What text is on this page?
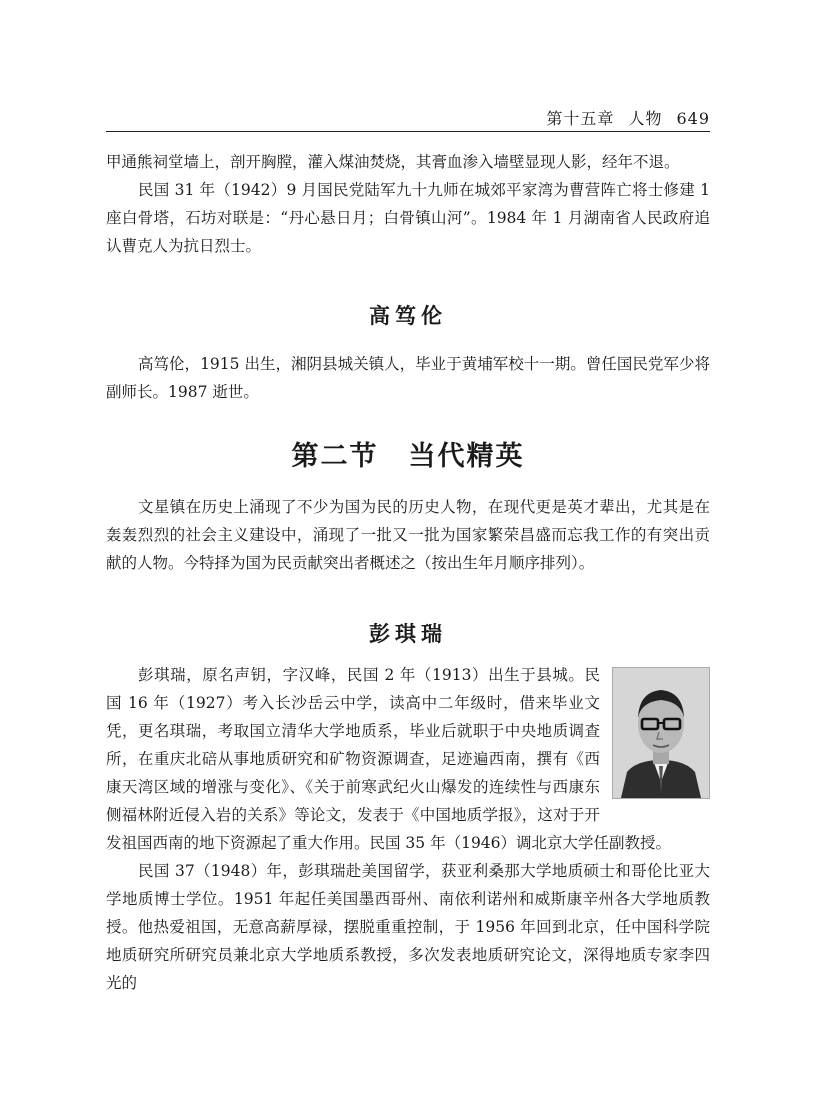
第十五章 人物 649

甲通熊祠堂墙上，剖开胸膛，灌入煤油焚烧，其膏血渗入墙壁显现人影，经年不退。

民国 31 年（1942）9 月国民党陆军九十九师在城郊平家湾为曹营阵亡将士修建 1 座白骨塔，石坊对联是：“丹心悬日月；白骨镇山河”。1984 年 1 月湖南省人民政府追认曹克人为抗日烈士。

高笃伦

高笃伦，1915 出生，湘阴县城关镇人，毕业于黄埔军校十一期。曾任国民党军少将副师长。1987 逝世。

第二节 当代精英

文星镇在历史上涌现了不少为国为民的历史人物，在现代更是英才辈出，尤其是在轰轰烈烈的社会主义建设中，涌现了一批又一批为国家繁荣昌盛而忘我工作的有突出贡献的人物。今特择为国为民贡献突出者概述之（按出生年月顺序排列）。

彭琪瑞

彭琪瑞，原名声钥，字汉峰，民国 2 年（1913）出生于县城。民国 16 年（1927）考入长沙岳云中学，读高中二年级时，借来毕业文凭，更名琪瑞，考取国立清华大学地质系，毕业后就职于中央地质调查所，在重庆北碚从事地质研究和矿物资源调查，足迹遍西南，撰有《西康天湾区域的增涨与变化》、《关于前寒武纪火山爆发的连续性与西康东侧福林附近侵入岩的关系》等论文，发表于《中国地质学报》，这对于开发祖国西南的地下资源起了重大作用。民国 35 年（1946）调北京大学任副教授。

民国 37（1948）年，彭琪瑞赴美国留学，获亚利桑那大学地质硕士和哥伦比亚大学地质博士学位。1951 年起任美国墨西哥州、南依利诺州和威斯康辛州各大学地质教授。他热爱祖国，无意高薪厚禄，摆脱重重控制，于 1956 年回到北京，任中国科学院地质研究所研究员兼北京大学地质系教授，多次发表地质研究论文，深得地质专家李四光的
